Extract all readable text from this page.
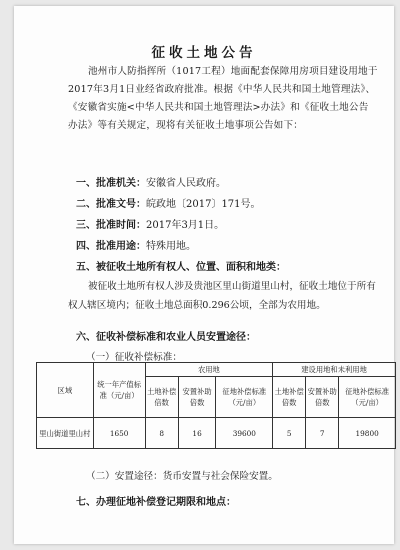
征收土地公告
池州市人防指挥所（1017工程）地面配套保障用房项目建设用地于2017年3月1日业经省政府批准。根据《中华人民共和国土地管理法》、《安徽省实施<中华人民共和国土地管理法>办法》和《征收土地公告办法》等有关规定，现将有关征收土地事项公告如下：
一、批准机关：安徽省人民政府。
二、批准文号：皖政地〔2017〕171号。
三、批准时间：2017年3月1日。
四、批准用途：特殊用地。
五、被征收土地所有权人、位置、面积和地类：
被征收土地所有权人涉及贵池区里山街道里山村，征收土地位于所有权人辖区境内；征收土地总面积0.296公顷，全部为农用地。
六、征收补偿标准和农业人员安置途径：
（一）征收补偿标准：
区域	统一年产值标准（元/亩）	农用地			建设用地和未利用地		
		土地补偿倍数	安置补助倍数	征地补偿标准（元/亩）	土地补偿倍数	安置补助倍数	征地补偿标准（元/亩）
里山街道里山村	1650	8	16	39600	5	7	19800
（二）安置途径：货币安置与社会保险安置。
七、办理征地补偿登记期限和地点：
